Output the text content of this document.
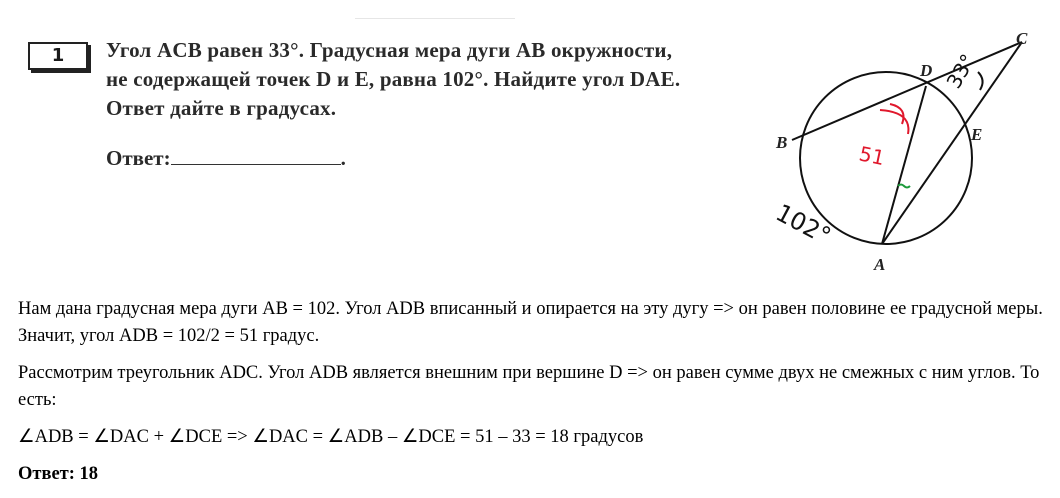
1	Угол ACB равен 33°. Градусная мера дуги AB окружности,
не содержащей точек D и E, равна 102°. Найдите угол DAE.
Ответ дайте в градусах.
Ответ:	.
C
D
E
B
A
51
33°
102°

Нам дана градусная мера дуги AB = 102. Угол ADB вписанный и опирается на эту дугу => он равен половине ее градусной меры. Значит, угол ADB = 102/2 = 51 градус.

Рассмотрим треугольник ADC. Угол ADB является внешним при вершине D => он равен сумме двух не смежных с ним углов. То есть:

∠ADB = ∠DAC + ∠DCE => ∠DAC = ∠ADB – ∠DCE = 51 – 33 = 18 градусов

Ответ: 18
